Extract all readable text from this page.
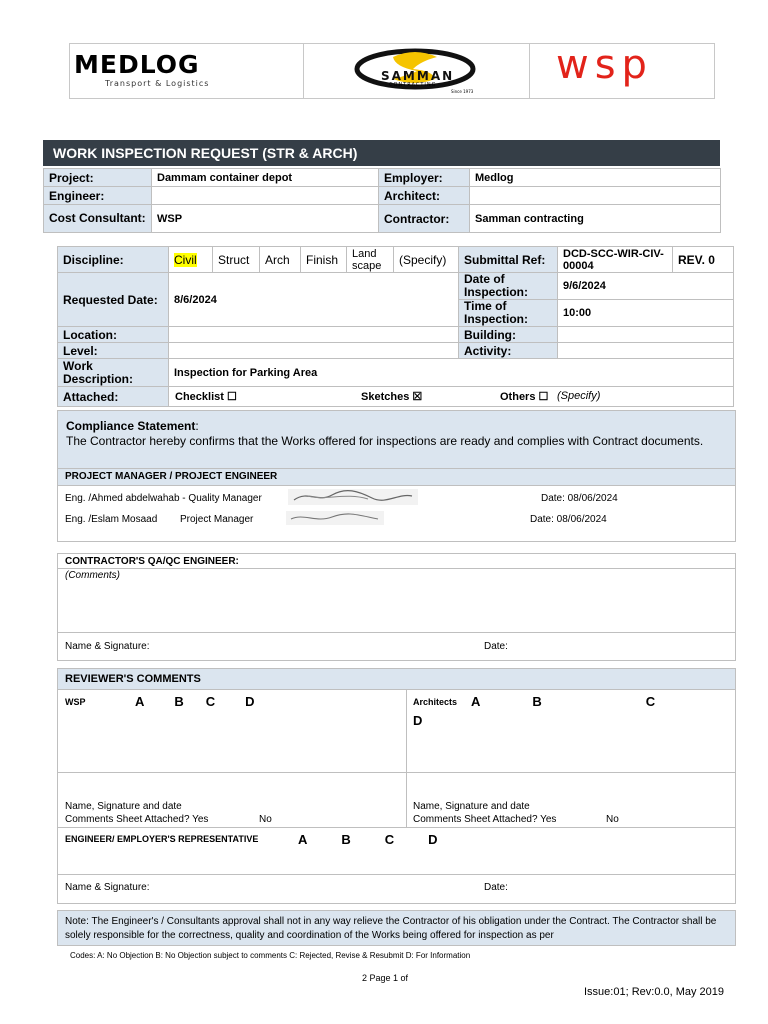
MEDLOG
Transport & Logistics
SAMMAN
CONTRACTING
Since 1973
wsp
WORK INSPECTION REQUEST (STR & ARCH)
Project:	Dammam container depot	Employer:	Medlog
Engineer:		Architect:	
Cost Consultant:	WSP	Contractor:	Samman contracting
Discipline:	Civil	Struct	Arch	Finish	Land scape	(Specify)	Submittal Ref:	DCD-SCC-WIR-CIV-00004	REV. 0
Requested Date:	8/6/2024						Date of Inspection:	9/6/2024	
							Time of Inspection:	10:00	
Location:							Building:		
Level:							Activity:		
Work Description:	Inspection for Parking Area								
Attached:	Checklist ☐ Sketches ☒ Others ☐ (Specify)								
Compliance Statement:
The Contractor hereby confirms that the Works offered for inspections are ready and complies with Contract documents.
PROJECT MANAGER / PROJECT ENGINEER
Eng. /Ahmed abdelwahab - Quality Manager	Date: 08/06/2024
Eng. /Eslam Mosaad Project Manager	Date: 08/06/2024
CONTRACTOR'S QA/QC ENGINEER:
(Comments)
Name & Signature:	Date:
REVIEWER'S COMMENTS
WSP	A B C D	Architects A	B	C
D
Name, Signature and date
Comments Sheet Attached? Yes	No
Name, Signature and date
Comments Sheet Attached? Yes	No
ENGINEER/ EMPLOYER'S REPRESENTATIVE	A	B	C	D
Name & Signature:	Date:
Note: The Engineer's / Consultants approval shall not in any way relieve the Contractor of his obligation under the Contract. The Contractor shall be solely responsible for the correctness, quality and coordination of the Works being offered for inspection as per
Codes: A: No Objection B: No Objection subject to comments C: Rejected, Revise & Resubmit D: For Information
2 Page 1 of
Issue:01; Rev:0.0, May 2019
